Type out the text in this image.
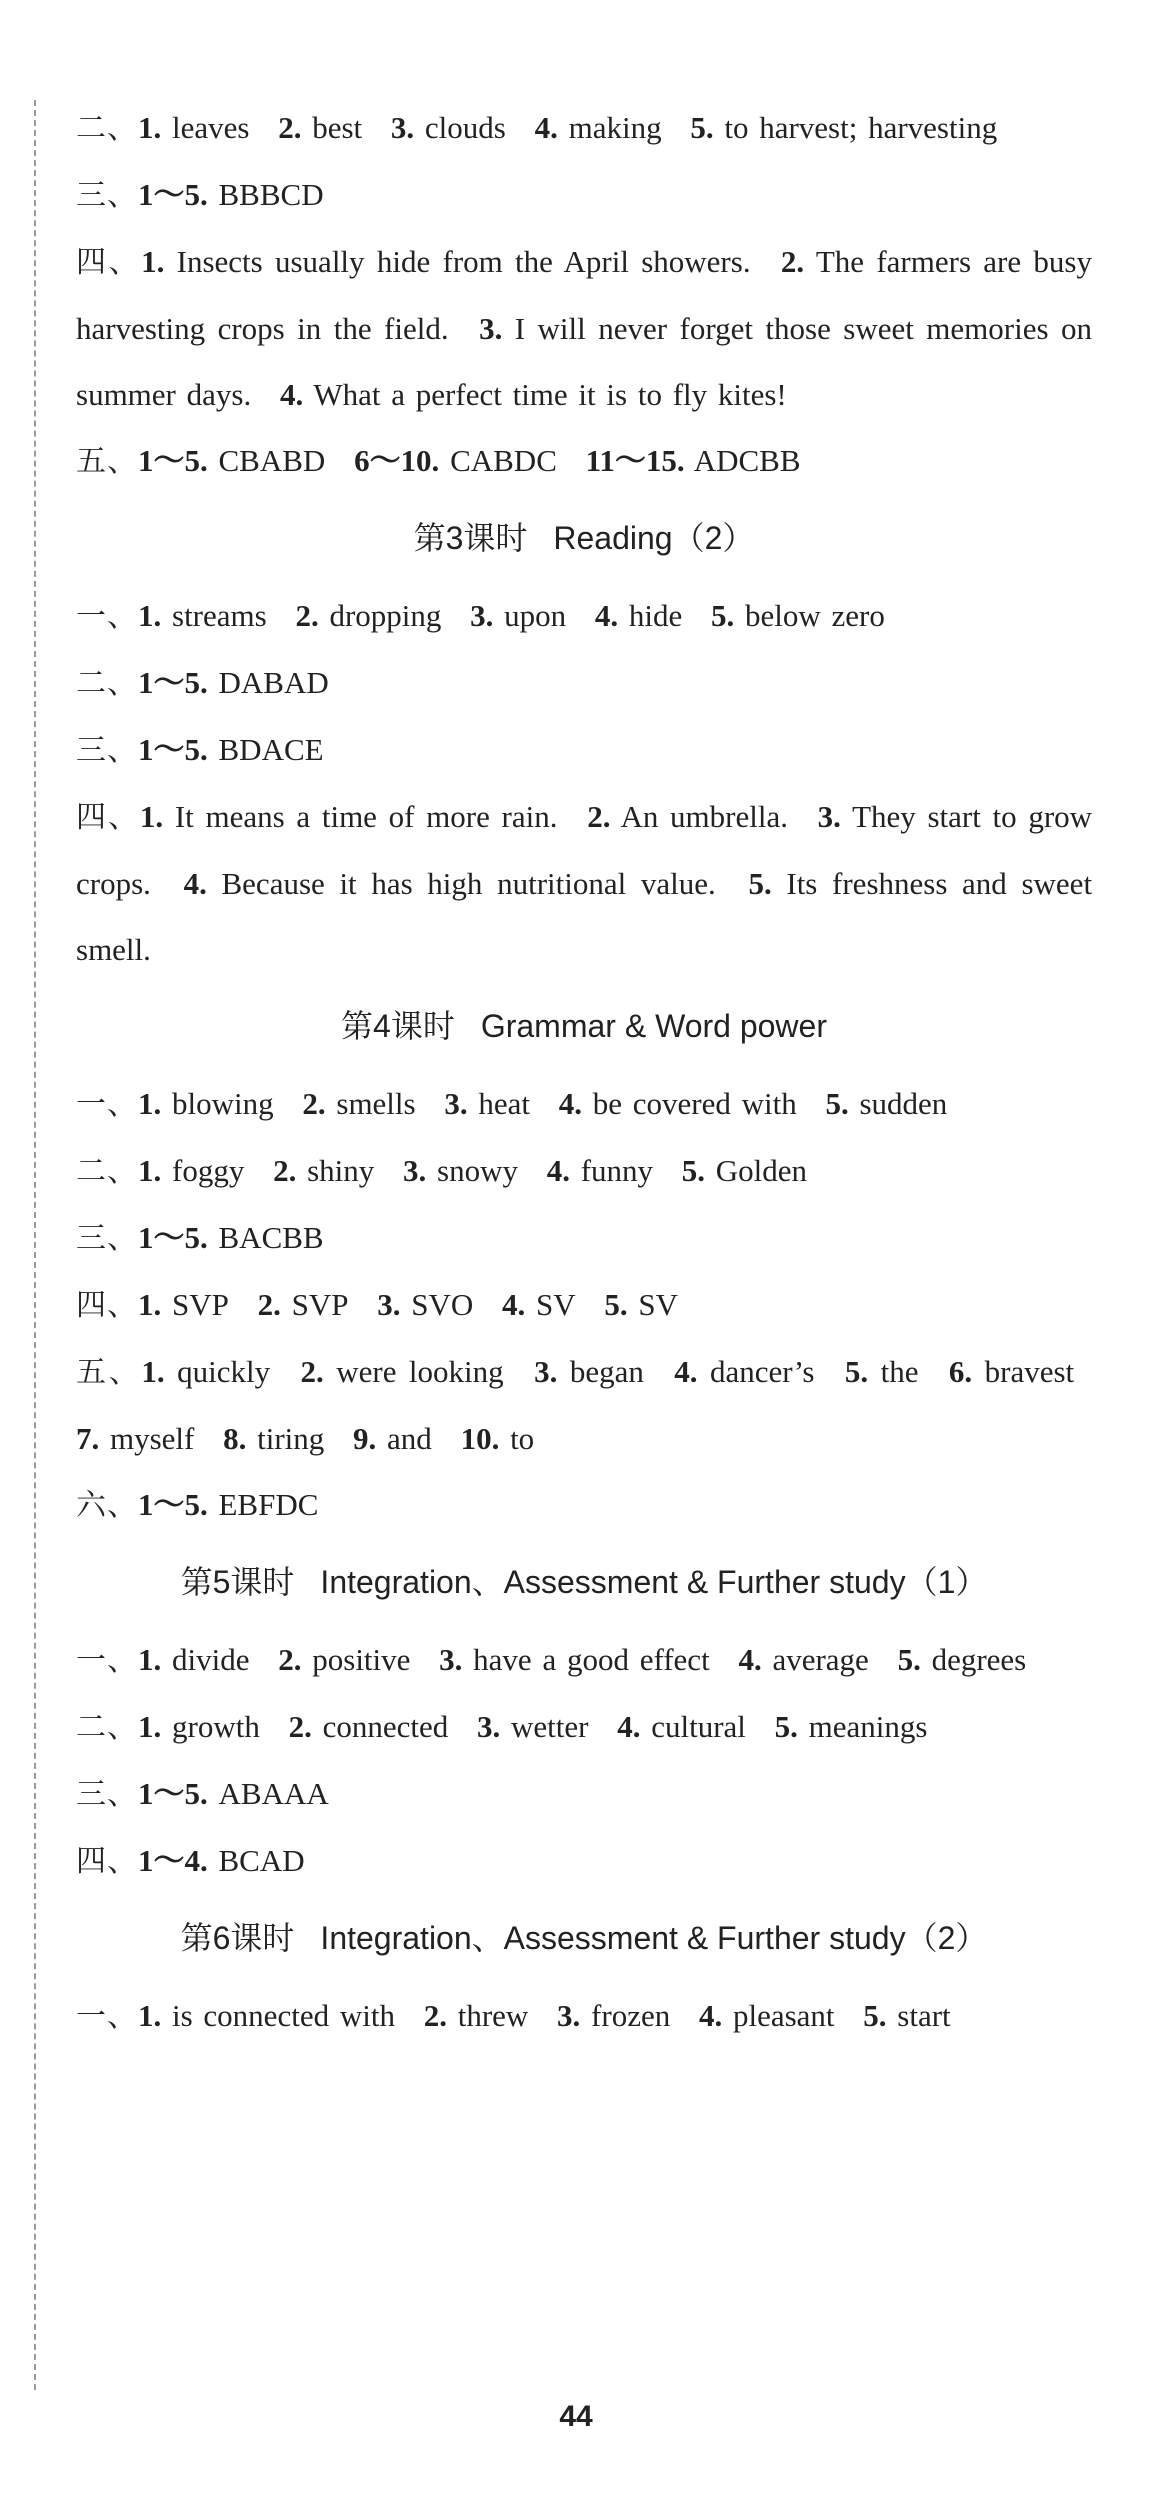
二、1. leaves 2. best 3. clouds 4. making 5. to harvest; harvesting
三、1～5. BBBCD
四、1. Insects usually hide from the April showers. 2. The farmers are busy harvesting crops in the field. 3. I will never forget those sweet memories on summer days. 4. What a perfect time it is to fly kites!
五、1～5. CBABD 6～10. CABDC 11～15. ADCBB
第3课时 Reading（2）
一、1. streams 2. dropping 3. upon 4. hide 5. below zero
二、1～5. DABAD
三、1～5. BDACE
四、1. It means a time of more rain. 2. An umbrella. 3. They start to grow crops. 4. Because it has high nutritional value. 5. Its freshness and sweet smell.
第4课时 Grammar & Word power
一、1. blowing 2. smells 3. heat 4. be covered with 5. sudden
二、1. foggy 2. shiny 3. snowy 4. funny 5. Golden
三、1～5. BACBB
四、1. SVP 2. SVP 3. SVO 4. SV 5. SV
五、1. quickly 2. were looking 3. began 4. dancer’s 5. the 6. bravest 7. myself 8. tiring 9. and 10. to
六、1～5. EBFDC
第5课时 Integration、Assessment & Further study（1）
一、1. divide 2. positive 3. have a good effect 4. average 5. degrees
二、1. growth 2. connected 3. wetter 4. cultural 5. meanings
三、1～5. ABAAA
四、1～4. BCAD
第6课时 Integration、Assessment & Further study（2）
一、1. is connected with 2. threw 3. frozen 4. pleasant 5. start
44
